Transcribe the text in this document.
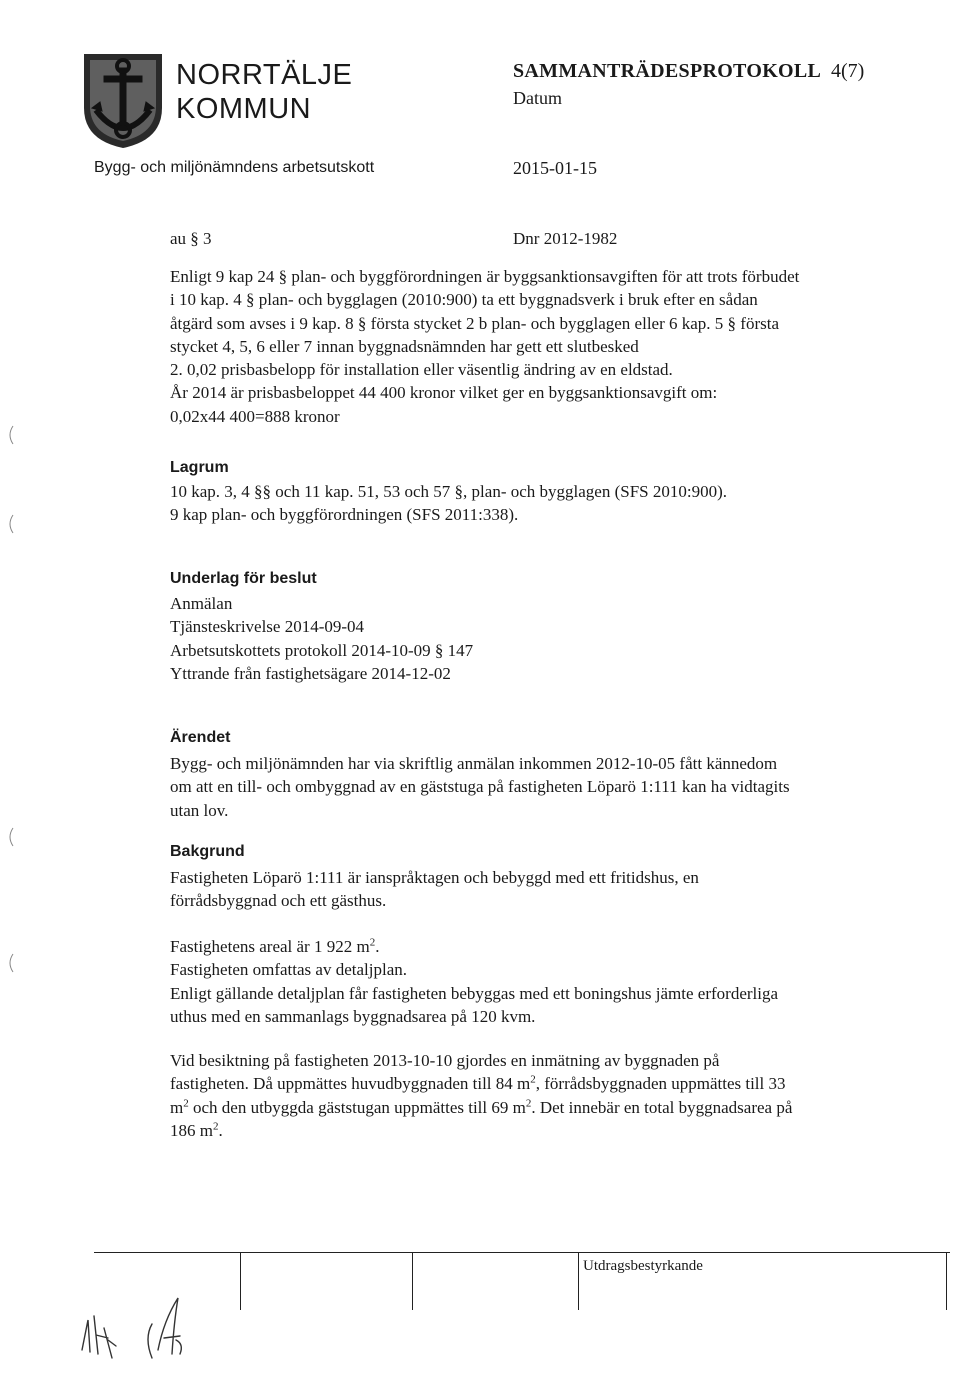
NORRTÄLJE
KOMMUN
SAMMANTRÄDESPROTOKOLL 4(7)
Datum
Bygg- och miljönämndens arbetsutskott	2015-01-15
au § 3	Dnr 2012-1982
Enligt 9 kap 24 § plan- och byggförordningen är byggsanktionsavgiften för att trots förbudet
i 10 kap. 4 § plan- och bygglagen (2010:900) ta ett byggnadsverk i bruk efter en sådan
åtgärd som avses i 9 kap. 8 § första stycket 2 b plan- och bygglagen eller 6 kap. 5 § första
stycket 4, 5, 6 eller 7 innan byggnadsnämnden har gett ett slutbesked
2. 0,02 prisbasbelopp för installation eller väsentlig ändring av en eldstad.
År 2014 är prisbasbeloppet 44 400 kronor vilket ger en byggsanktionsavgift om:
0,02x44 400=888 kronor
Lagrum
10 kap. 3, 4 §§ och 11 kap. 51, 53 och 57 §, plan- och bygglagen (SFS 2010:900).
9 kap plan- och byggförordningen (SFS 2011:338).
Underlag för beslut
Anmälan
Tjänsteskrivelse 2014-09-04
Arbetsutskottets protokoll 2014-10-09 § 147
Yttrande från fastighetsägare 2014-12-02
Ärendet
Bygg- och miljönämnden har via skriftlig anmälan inkommen 2012-10-05 fått kännedom
om att en till- och ombyggnad av en gäststuga på fastigheten Löparö 1:111 kan ha vidtagits
utan lov.
Bakgrund
Fastigheten Löparö 1:111 är ianspråktagen och bebyggd med ett fritidshus, en
förrådsbyggnad och ett gästhus.
Fastighetens areal är 1 922 $m^2$.
Fastigheten omfattas av detaljplan.
Enligt gällande detaljplan får fastigheten bebyggas med ett boningshus jämte erforderliga
uthus med en sammanlags byggnadsarea på 120 kvm.
Vid besiktning på fastigheten 2013-10-10 gjordes en inmätning av byggnaden på
fastigheten. Då uppmättes huvudbyggnaden till 84 $m^2$, förrådsbyggnaden uppmättes till 33
$m^2$ och den utbyggda gäststugan uppmättes till 69 $m^2$. Det innebär en total byggnadsarea på
186 $m^2$.
Utdragsbestyrkande
